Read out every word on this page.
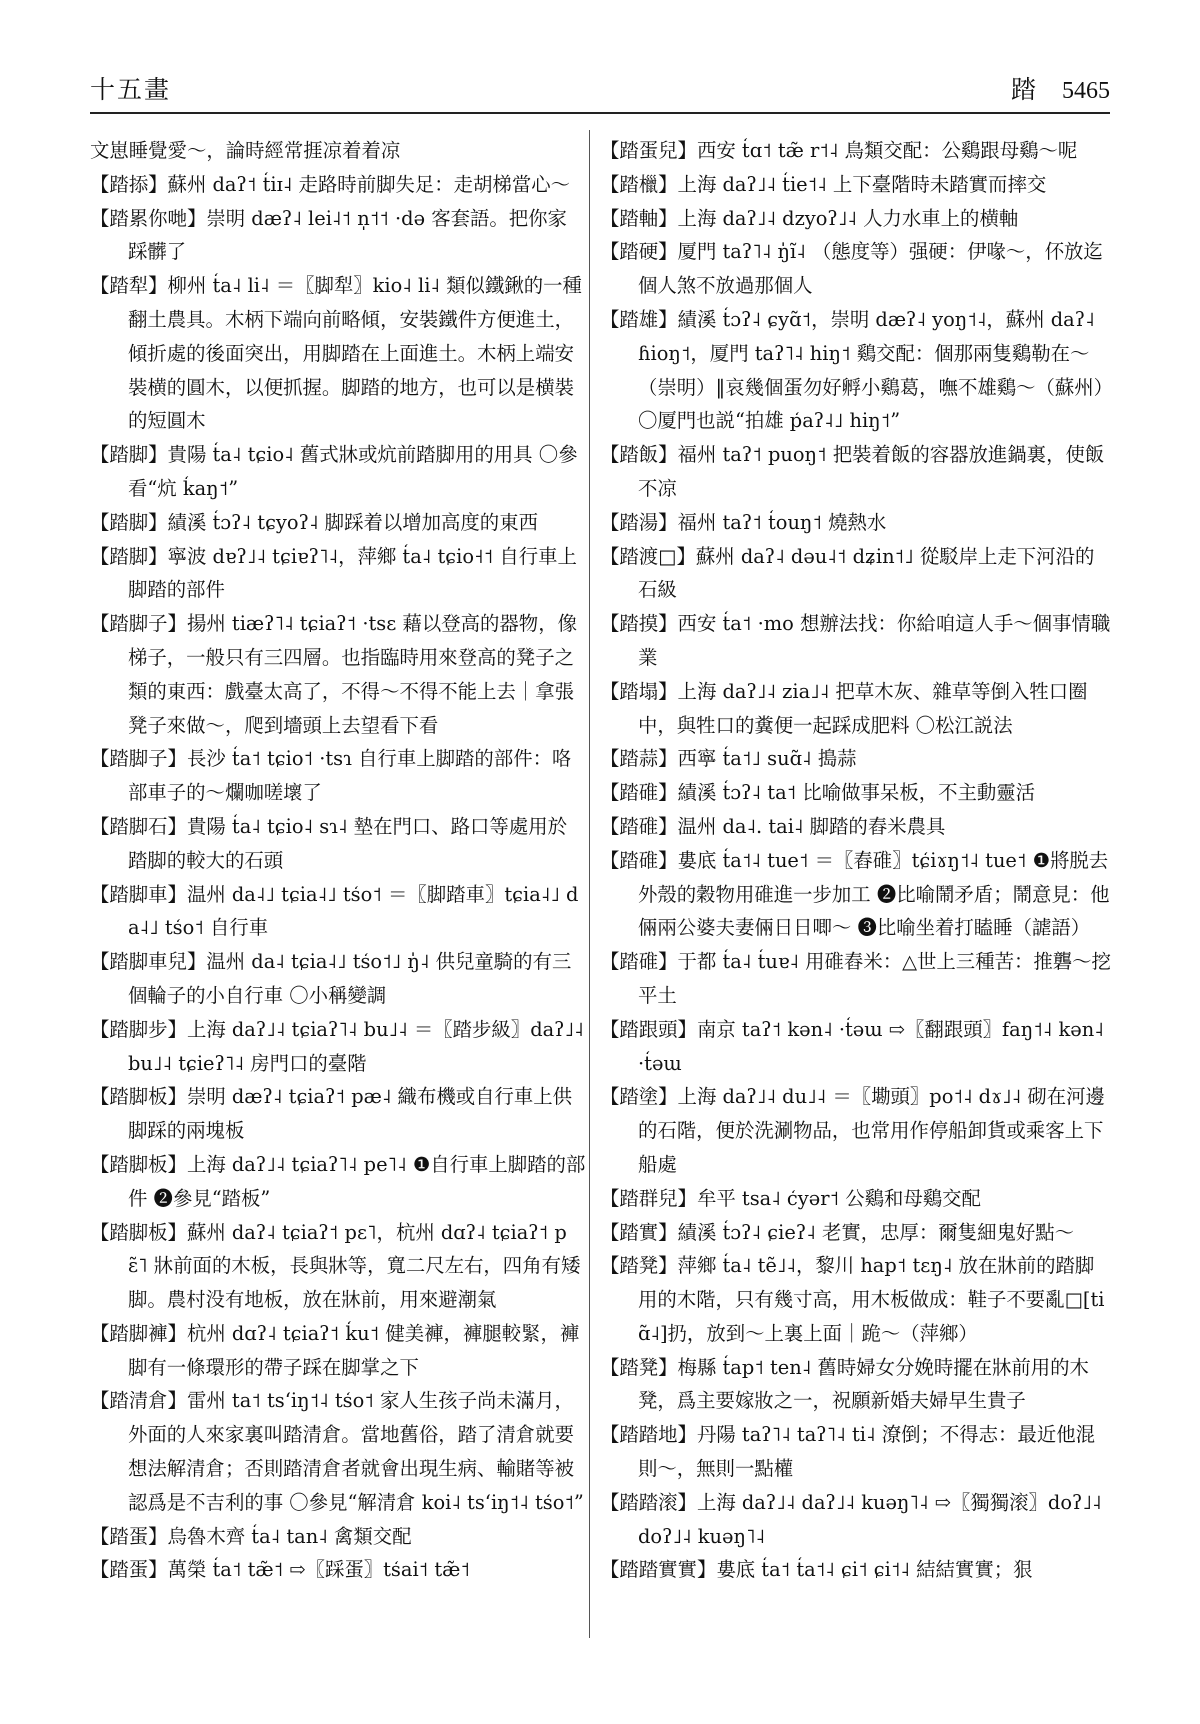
十五畫	踏 5465

文崽睡覺愛～，論時經常捱凉着着凉

【踏掭】蘇州 daʔ˦ t̒iɪ˨ 走路時前脚失足：走胡梯當心～

【踏累你哋】崇明 dæʔ˨ lei˨˦ n̩˦˦ ·də 客套語。把你家踩髒了

【踏犁】柳州 t̒a˨ li˨ ＝〖脚犁〗kio˨ li˨ 類似鐵鍬的一種翻土農具。木柄下端向前略傾，安裝鐵件方便進土，傾折處的後面突出，用脚踏在上面進土。木柄上端安裝横的圓木，以便抓握。脚踏的地方，也可以是横裝的短圓木

【踏脚】貴陽 t̒a˨ tɕio˨ 舊式牀或炕前踏脚用的用具 〇參看“炕 k̒aŋ˦”

【踏脚】績溪 t̒ɔʔ˨ tɕyoʔ˨ 脚踩着以增加高度的東西

【踏脚】寧波 dɐʔ˩˨ tɕiɐʔ˥˨，萍鄉 t̒a˨ tɕio˧˦ 自行車上脚踏的部件

【踏脚子】揚州 tiæʔ˥˨ tɕiaʔ˦ ·tsɛ 藉以登高的器物，像梯子，一般只有三四層。也指臨時用來登高的凳子之類的東西：戲臺太高了，不得～不得不能上去｜拿張凳子來做～，爬到墻頭上去望看下看

【踏脚子】長沙 t̒a˦ tɕio˦ ·tsɿ 自行車上脚踏的部件：咯部車子的～爛咖嗟壞了

【踏脚石】貴陽 t̒a˨ tɕio˨ sɿ˨ 墊在門口、路口等處用於踏脚的較大的石頭

【踏脚車】温州 da˨˩ tɕia˨˩ ts̒o˦ ＝〖脚踏車〗tɕia˨˩ da˨˩ ts̒o˦ 自行車

【踏脚車兒】温州 da˨ tɕia˨˩ ts̒o˦˩ ŋ̍˨ 供兒童騎的有三個輪子的小自行車 〇小稱變調

【踏脚步】上海 daʔ˩˨ tɕiaʔ˥˨ bu˩˨ ＝〖踏步級〗daʔ˩˨ bu˩˨ tɕieʔ˥˨ 房門口的臺階

【踏脚板】崇明 dæʔ˨ tɕiaʔ˦ pæ˨ 織布機或自行車上供脚踩的兩塊板

【踏脚板】上海 daʔ˩˨ tɕiaʔ˥˨ pe˥˨ ❶自行車上脚踏的部件 ❷參見“踏板”

【踏脚板】蘇州 daʔ˨ tɕiaʔ˦ pɛ˥，杭州 dɑʔ˨ tɕiaʔ˦ pɛ̃˥ 牀前面的木板，長與牀等，寬二尺左右，四角有矮脚。農村没有地板，放在牀前，用來避潮氣

【踏脚褲】杭州 dɑʔ˨ tɕiaʔ˦ k̒u˦ 健美褲，褲腿較緊，褲脚有一條環形的帶子踩在脚掌之下

【踏清倉】雷州 ta˦ tsʻiŋ˦˨ ts̒o˦ 家人生孩子尚未滿月，外面的人來家裏叫踏清倉。當地舊俗，踏了清倉就要想法解清倉；否則踏清倉者就會出現生病、輸賭等被認爲是不吉利的事 〇參見“解清倉 koi˨ tsʻiŋ˦˨ ts̒o˦”

【踏蛋】烏魯木齊 t̒a˨ tan˨ 禽類交配

【踏蛋】萬榮 t̒a˦ tæ̃˦ ⇨〖踩蛋〗ts̒ai˦ tæ̃˦

【踏蛋兒】西安 t̒ɑ˦ tæ̃ r˦˨ 鳥類交配：公鷄跟母鷄～呢

【踏㯿】上海 daʔ˩˨ t̒ie˦˨ 上下臺階時未踏實而摔交

【踏軸】上海 daʔ˩˨ dzyoʔ˩˨ 人力水車上的横軸

【踏硬】厦門 taʔ˥˨ ŋ̍ĩ˨ （態度等）强硬：伊喙～，伓放迄個人煞不放過那個人

【踏雄】績溪 t̒ɔʔ˨ ɕyɑ̃˦，崇明 dæʔ˨ yoŋ˦˨，蘇州 daʔ˨ ɦioŋ˦，厦門 taʔ˥˨ hiŋ˦ 鷄交配：個那兩隻鷄勒在～（崇明）‖哀幾個蛋勿好孵小鷄葛，嘸不雄鷄～（蘇州）〇厦門也説“拍雄 p̒aʔ˨˩ hiŋ˦”

【踏飯】福州 taʔ˦ puoŋ˦ 把裝着飯的容器放進鍋裏，使飯不凉

【踏湯】福州 taʔ˦ t̒ouŋ˦ 燒熱水

【踏渡□】蘇州 daʔ˨ dəu˨˦ dʑin˦˩ 從駁岸上走下河沿的石級

【踏摸】西安 t̒a˦ ·mo 想辦法找：你給咱這人手～個事情職業

【踏塌】上海 daʔ˩˨ zia˩˨ 把草木灰、雜草等倒入牲口圈中，與牲口的糞便一起踩成肥料 〇松江説法

【踏蒜】西寧 t̒a˦˩ suɑ̃˨ 搗蒜

【踏碓】績溪 t̒ɔʔ˨ ta˦ 比喻做事呆板，不主動靈活

【踏碓】温州 da˨. tai˨ 脚踏的舂米農具

【踏碓】婁底 t̒a˦˨ tue˦ ＝〖舂碓〗tɕ̒iɤŋ˦˨ tue˦ ❶將脱去外殼的穀物用碓進一步加工 ❷比喻鬧矛盾；鬧意見：他倆兩公婆夫妻倆日日唧～ ❸比喻坐着打瞌睡（謔語）

【踏碓】于都 t̒a˨ t̒uɐ˨ 用碓舂米：△世上三種苦：推礱～挖平土

【踏跟頭】南京 taʔ˦ kən˨ ·t̒əɯ ⇨〖翻跟頭〗faŋ˦˨ kən˨ ·t̒əɯ

【踏塗】上海 daʔ˩˨ du˩˨ ＝〖墈頭〗po˦˨ dɤ˩˨ 砌在河邊的石階，便於洗涮物品，也常用作停船卸貨或乘客上下船處

【踏群兒】牟平 tsa˨ c̒yər˦ 公鷄和母鷄交配

【踏實】績溪 t̒ɔʔ˨ ɕieʔ˨ 老實，忠厚：爾隻細鬼好點～

【踏凳】萍鄉 t̒a˨ tẽ˩˨，黎川 hap˦ tɛŋ˨ 放在牀前的踏脚用的木階，只有幾寸高，用木板做成：鞋子不要亂□[tiɑ̃˨]扔，放到～上裏上面｜跪～（萍鄉）

【踏凳】梅縣 t̒ap˦ ten˨ 舊時婦女分娩時擺在牀前用的木凳，爲主要嫁妝之一，祝願新婚夫婦早生貴子

【踏踏地】丹陽 taʔ˥˨ taʔ˥˨ ti˨ 潦倒；不得志：最近他混則～，無則一點權

【踏踏滚】上海 daʔ˩˨ daʔ˩˨ kuəŋ˥˨ ⇨〖獨獨滚〗doʔ˩˨ doʔ˩˨ kuəŋ˥˨

【踏踏實實】婁底 t̒a˦ t̒a˦˨ ɕi˦ ɕi˦˨ 結結實實；狠
